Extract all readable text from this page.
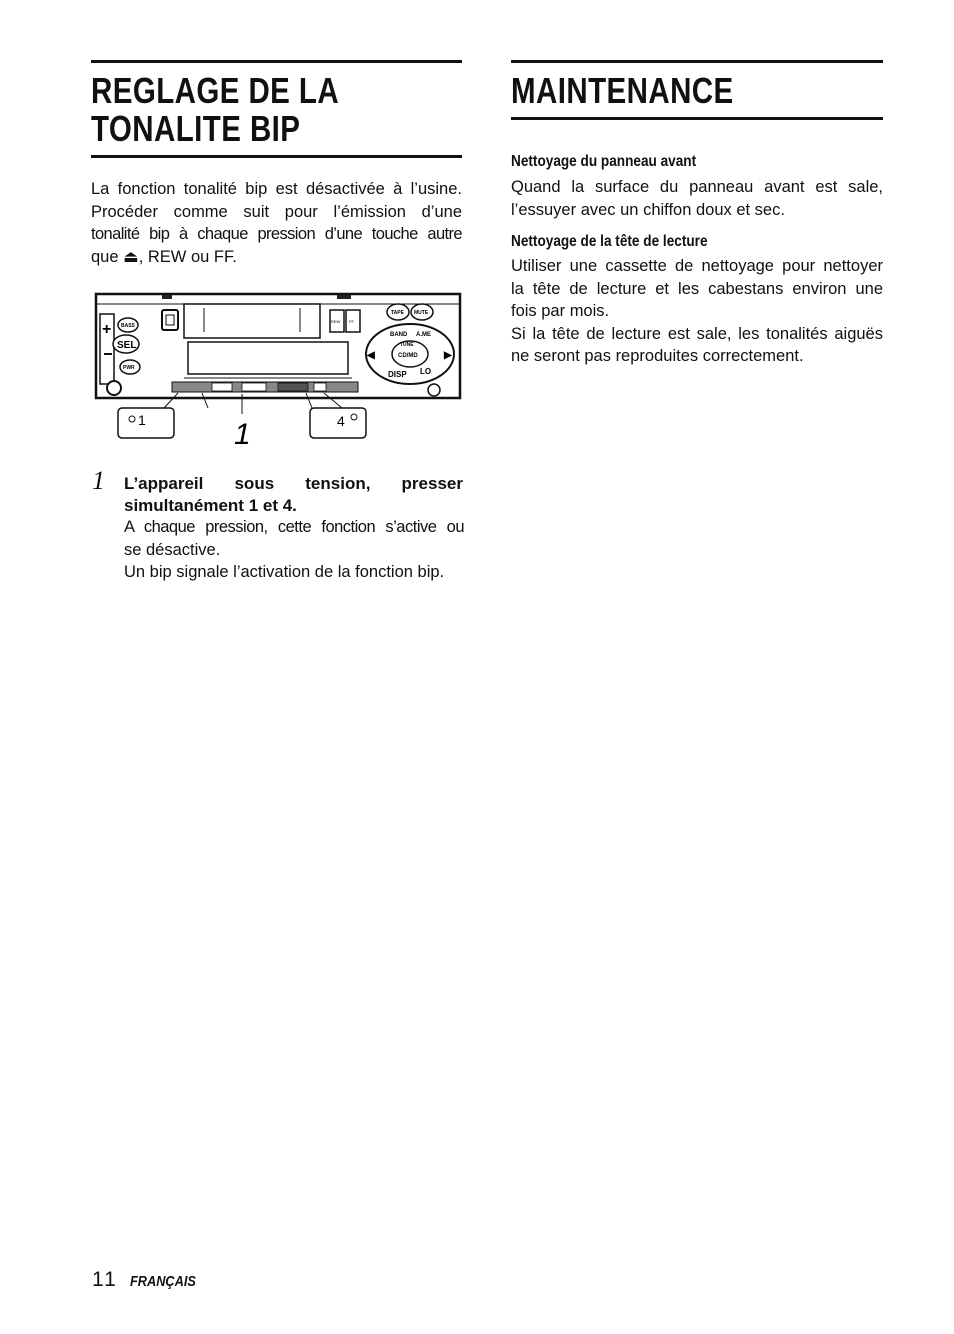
REGLAGE DE LA
TONALITE BIP

La fonction tonalité bip est désactivée à l’usine.
Procéder comme suit pour l’émission d’une
tonalité bip à chaque pression d’une touche autre
que ⏏, REW ou FF.

+ BASS
SEL
PWR
REW FF
TAPE MUTE
CD/MD
BAND A.ME
TUNE
DISP LO
◀	▶
1	4
1
1 L’appareil sous tension, presser
simultanément 1 et 4.

A chaque pression, cette fonction s’active ou
se désactive.
Un bip signale l’activation de la fonction bip.

MAINTENANCE
Nettoyage du panneau avant

Quand la surface du panneau avant est sale,
l’essuyer avec un chiffon doux et sec.

Nettoyage de la tête de lecture

Utiliser une cassette de nettoyage pour nettoyer
la tête de lecture et les cabestans environ une
fois par mois.
Si la tête de lecture est sale, les tonalités aiguës
ne seront pas reproduites correctement.

11 FRANÇAIS
